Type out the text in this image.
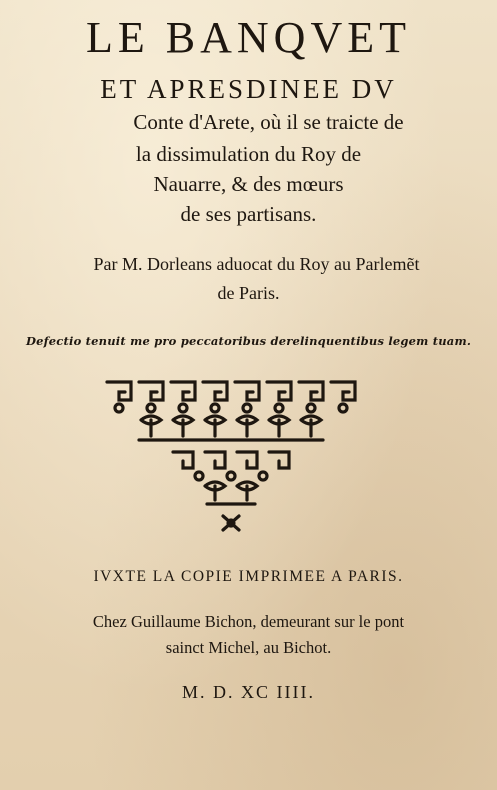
LE BANQVET
ET APRESDINEE DV
Conte d'Arete, où il se traicte de
la dissimulation du Roy de
Nauarre, & des mœurs
de ses partisans.
Par M. Dorleans aduocat du Roy au Parlemẽt
de Paris.
Defectio tenuit me pro peccatoribus derelinquentibus legem tuam.
IVXTE LA COPIE IMPRIMEE A PARIS.
Chez Guillaume Bichon, demeurant sur le pont
sainct Michel, au Bichot.
M. D. XC IIII.
